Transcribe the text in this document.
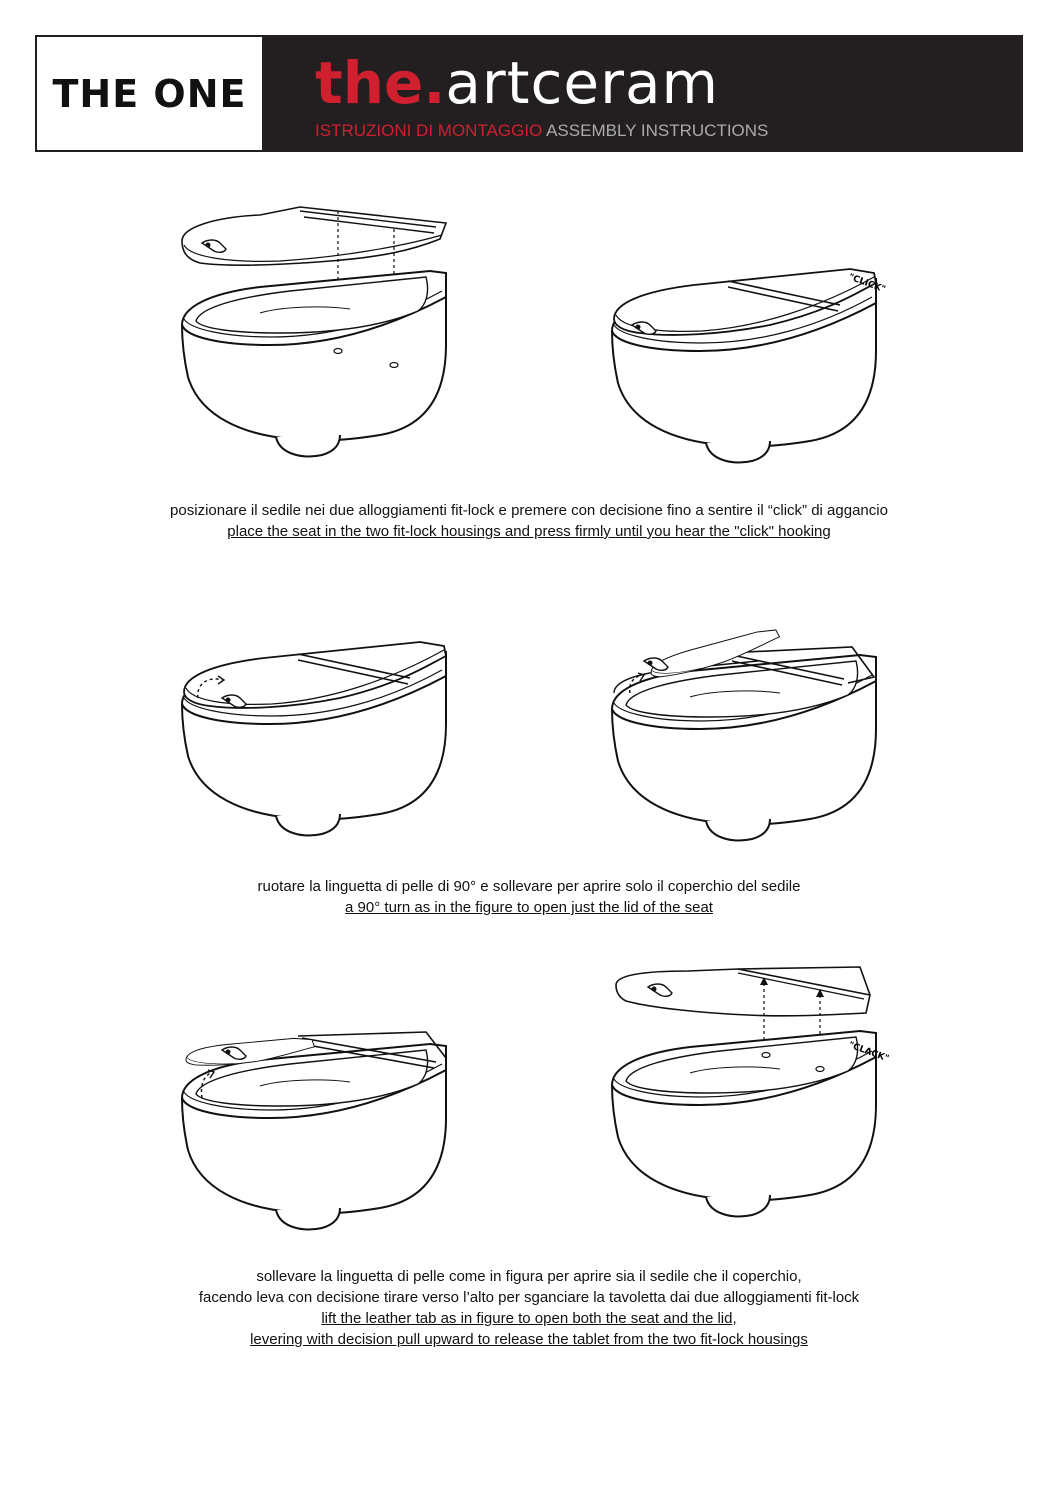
THE ONE the.artceram
ISTRUZIONI DI MONTAGGIO ASSEMBLY INSTRUCTIONS
"CLICK"
posizionare il sedile nei due alloggiamenti fit-lock e premere con decisione fino a sentire il “click” di aggancio
place the seat in the two fit-lock housings and press firmly until you hear the "click" hooking
ruotare la linguetta di pelle di 90° e sollevare per aprire solo il coperchio del sedile
a 90° turn as in the figure to open just the lid of the seat
"CLACK"
sollevare la linguetta di pelle come in figura per aprire sia il sedile che il coperchio,
facendo leva con decisione tirare verso l’alto per sganciare la tavoletta dai due alloggiamenti fit-lock
lift the leather tab as in figure to open both the seat and the lid,
levering with decision pull upward to release the tablet from the two fit-lock housings
